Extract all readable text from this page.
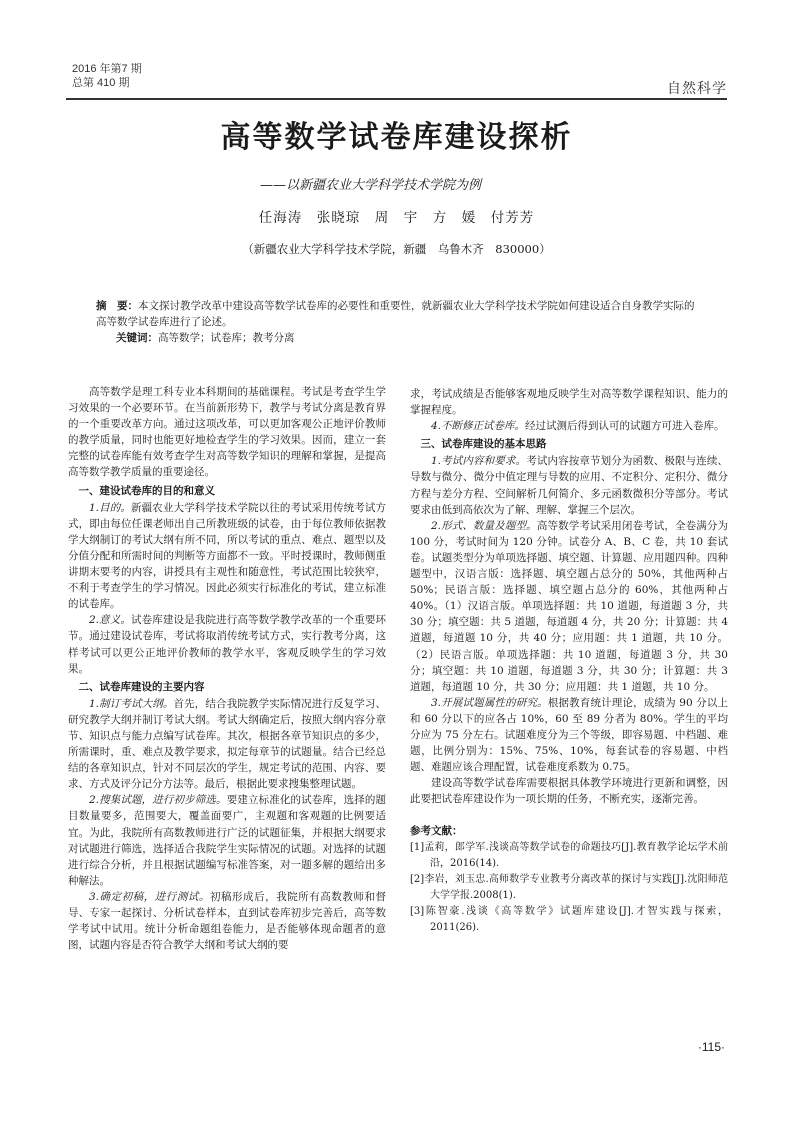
2016 年第7 期
总第 410 期	自然科学
高等数学试卷库建设探析
——以新疆农业大学科学技术学院为例
任海涛　张晓琼　周　宇　方　媛　付芳芳
（新疆农业大学科学技术学院，新疆　乌鲁木齐　830000）
摘　要：本文探讨教学改革中建设高等数学试卷库的必要性和重要性，就新疆农业大学科学技术学院如何建设适合自身教学实际的高等数学试卷库进行了论述。
关键词：高等数学；试卷库；教考分离

高等数学是理工科专业本科期间的基础课程。考试是考查学生学习效果的一个必要环节。在当前新形势下，教学与考试分离是教育界的一个重要改革方向。通过这项改革，可以更加客观公正地评价教师的教学质量，同时也能更好地检查学生的学习效果。因而，建立一套完整的试卷库能有效考查学生对高等数学知识的理解和掌握，是提高高等数学教学质量的重要途径。

一、建设试卷库的目的和意义

1.目的。新疆农业大学科学技术学院以往的考试采用传统考试方式，即由每位任课老师出自己所教班级的试卷，由于每位教师依据教学大纲制订的考试大纲有所不同，所以考试的重点、难点、题型以及分值分配和所需时间的判断等方面都不一致。平时授课时，教师侧重讲期末要考的内容，讲授具有主观性和随意性，考试范围比较狭窄，不利于考查学生的学习情况。因此必须实行标准化的考试，建立标准的试卷库。

2.意义。试卷库建设是我院进行高等数学教学改革的一个重要环节。通过建设试卷库，考试将取消传统考试方式，实行教考分离，这样考试可以更公正地评价教师的教学水平，客观反映学生的学习效果。

二、试卷库建设的主要内容

1.制订考试大纲。首先，结合我院教学实际情况进行反复学习、研究教学大纲并制订考试大纲。考试大纲确定后，按照大纲内容分章节、知识点与能力点编写试卷库。其次，根据各章节知识点的多少，所需课时，重、难点及教学要求，拟定每章节的试题量。结合已经总结的各章知识点，针对不同层次的学生，规定考试的范围、内容、要求、方式及评分记分方法等。最后，根据此要求搜集整理试题。

2.搜集试题，进行初步筛选。要建立标准化的试卷库，选择的题目数量要多，范围要大，覆盖面要广，主观题和客观题的比例要适宜。为此，我院所有高数教师进行广泛的试题征集，并根据大纲要求对试题进行筛选，选择适合我院学生实际情况的试题。对选择的试题进行综合分析，并且根据试题编写标准答案，对一题多解的题给出多种解法。

3.确定初稿，进行测试。初稿形成后，我院所有高数教师和督导、专家一起探讨、分析试卷样本，直到试卷库初步完善后，高等数学考试中试用。统计分析命题组卷能力，是否能够体现命题者的意图，试题内容是否符合教学大纲和考试大纲的要

求，考试成绩是否能够客观地反映学生对高等数学课程知识、能力的掌握程度。

4.不断修正试卷库。经过试测后得到认可的试题方可进入卷库。

三、试卷库建设的基本思路

1.考试内容和要求。考试内容按章节划分为函数、极限与连续、导数与微分、微分中值定理与导数的应用、不定积分、定积分、微分方程与差分方程、空间解析几何简介、多元函数微积分等部分。考试要求由低到高依次为了解、理解、掌握三个层次。

2.形式、数量及题型。高等数学考试采用闭卷考试，全卷满分为 100 分，考试时间为 120 分钟。试卷分 A、B、C 卷，共 10 套试卷。试题类型分为单项选择题、填空题、计算题、应用题四种。四种题型中，汉语言版：选择题、填空题占总分的 50%，其他两种占 50%；民语言版：选择题、填空题占总分的 60%，其他两种占 40%。（1）汉语言版。单项选择题：共 10 道题，每道题 3 分，共 30 分；填空题：共 5 道题，每道题 4 分，共 20 分；计算题：共 4 道题，每道题 10 分，共 40 分；应用题：共 1 道题，共 10 分。（2）民语言版。单项选择题：共 10 道题，每道题 3 分，共 30 分；填空题：共 10 道题，每道题 3 分，共 30 分；计算题：共 3 道题，每道题 10 分，共 30 分；应用题：共 1 道题，共 10 分。

3.开展试题属性的研究。根据教育统计理论，成绩为 90 分以上和 60 分以下的应各占 10%，60 至 89 分者为 80%。学生的平均分应为 75 分左右。试题难度分为三个等级，即容易题、中档题、难题，比例分别为：15%、75%、10%，每套试卷的容易题、中档题、难题应该合理配置，试卷难度系数为 0.75。

建设高等数学试卷库需要根据具体教学环境进行更新和调整，因此要把试卷库建设作为一项长期的任务，不断充实，逐渐完善。

参考文献：
[1]孟莉，郎学军.浅谈高等数学试卷的命题技巧[J].教育教学论坛学术前沿，2016(14).
[2]李岩，刘玉忠.高师数学专业教考分离改革的探讨与实践[J].沈阳师范大学学报.2008(1).
[3]陈智豪.浅谈《高等数学》试题库建设[J].才智实践与探索，2011(26).
·115·
